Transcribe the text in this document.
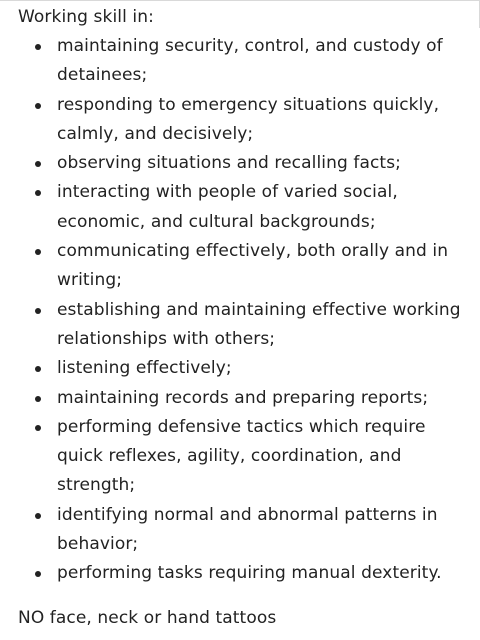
Working skill in:

maintaining security, control, and custody of detainees;
responding to emergency situations quickly, calmly, and decisively;
observing situations and recalling facts;
interacting with people of varied social, economic, and cultural backgrounds;
communicating effectively, both orally and in writing;
establishing and maintaining effective working relationships with others;
listening effectively;
maintaining records and preparing reports;
performing defensive tactics which require quick reflexes, agility, coordination, and strength;
identifying normal and abnormal patterns in behavior;
performing tasks requiring manual dexterity.

NO face, neck or hand tattoos
